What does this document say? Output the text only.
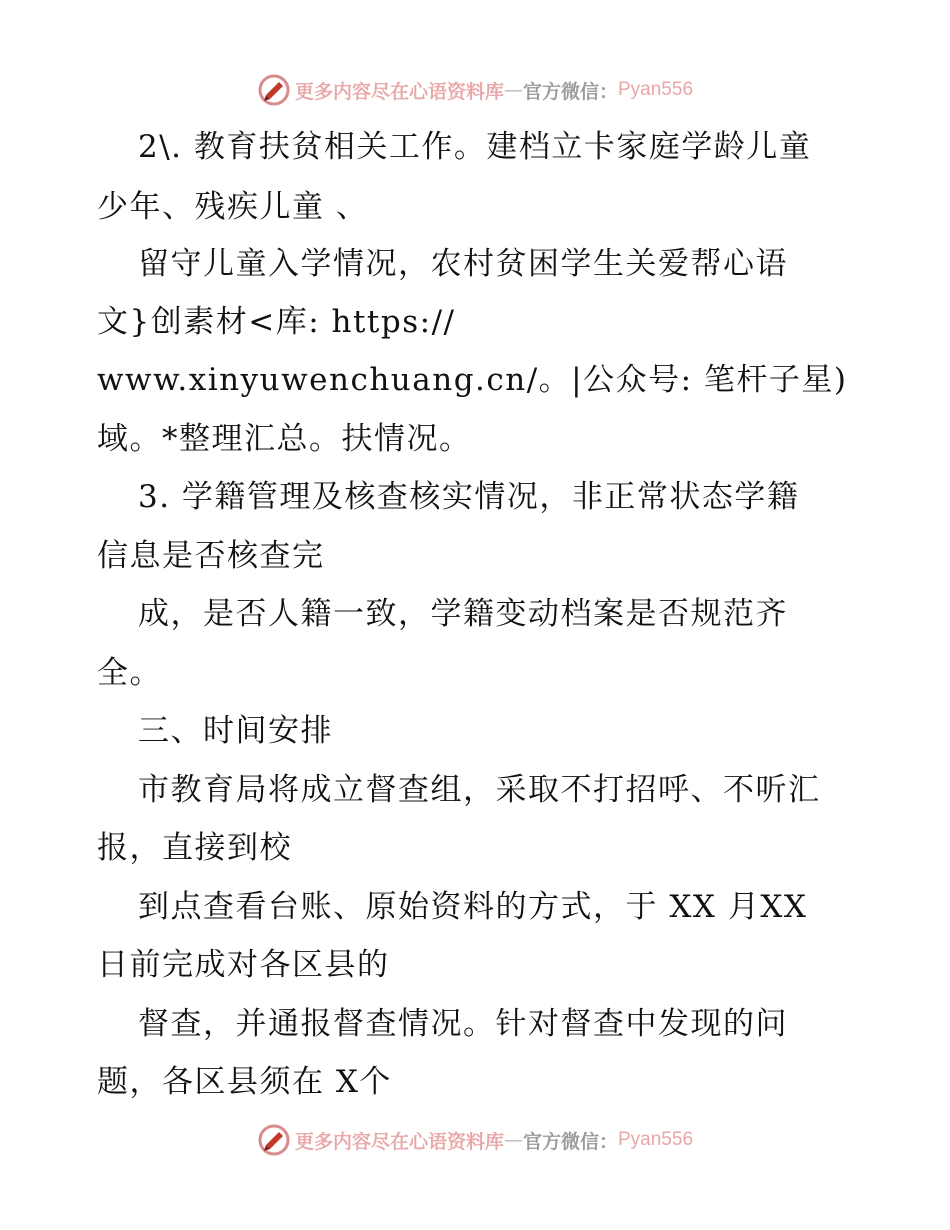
更多内容尽在心语资料库 — 官方微信： Pyan556
2\. 教育扶贫相关工作。建档立卡家庭学龄儿童
少年、残疾儿童 、
留守儿童入学情况，农村贫困学生关爱帮心语
文}创素材<库: https://
www.xinyuwenchuang.cn/。|公众号: 笔杆子星)
域。*整理汇总。扶情况。
3. 学籍管理及核查核实情况，非正常状态学籍
信息是否核查完
成，是否人籍一致，学籍变动档案是否规范齐
全。
三、时间安排
市教育局将成立督查组，采取不打招呼、不听汇
报，直接到校
到点查看台账、原始资料的方式，于 XX 月XX
日前完成对各区县的
督查，并通报督查情况。针对督查中发现的问
题，各区县须在 X个
更多内容尽在心语资料库 — 官方微信： Pyan556
